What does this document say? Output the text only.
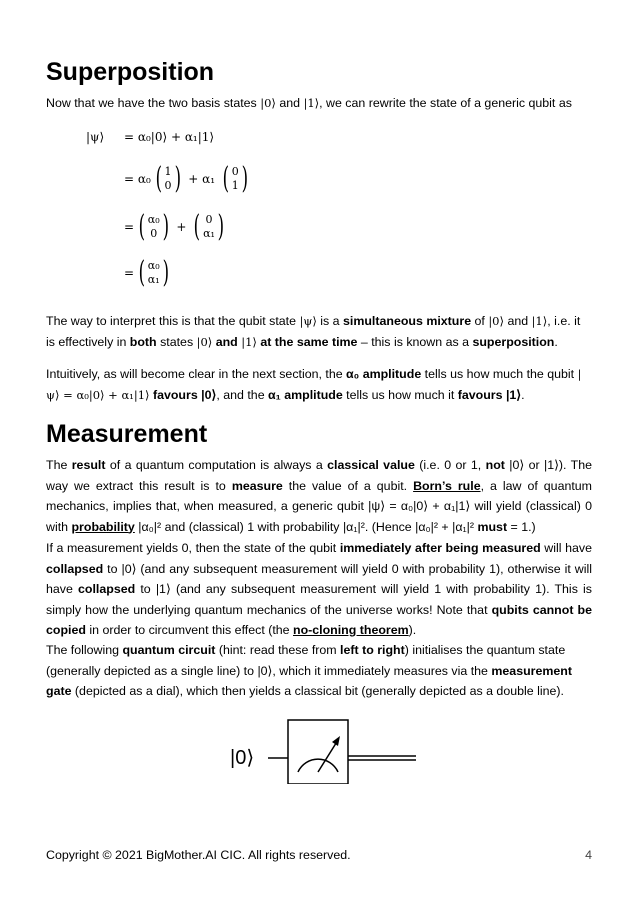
Superposition

Now that we have the two basis states |0⟩ and |1⟩, we can rewrite the state of a generic qubit as

|ψ⟩ = α₀|0⟩ + α₁|1⟩
= α₀ ( 1
0 ) + α₁ ( 0
1 )
= ( α₀
0 ) + ( 0
α₁ )
= ( α₀
α₁ )

The way to interpret this is that the qubit state |ψ⟩ is a simultaneous mixture of |0⟩ and |1⟩, i.e. it is effectively in both states |0⟩ and |1⟩ at the same time – this is known as a superposition.

Intuitively, as will become clear in the next section, the α₀ amplitude tells us how much the qubit |ψ⟩ = α₀|0⟩ + α₁|1⟩ favours |0⟩, and the α₁ amplitude tells us how much it favours |1⟩.

Measurement

The result of a quantum computation is always a classical value (i.e. 0 or 1, not |0⟩ or |1⟩). The way we extract this result is to measure the value of a qubit. Born’s rule, a law of quantum mechanics, implies that, when measured, a generic qubit |ψ⟩ = α₀|0⟩ + α₁|1⟩ will yield (classical) 0 with probability |α₀|² and (classical) 1 with probability |α₁|². (Hence |α₀|² + |α₁|² must = 1.)

If a measurement yields 0, then the state of the qubit immediately after being measured will have collapsed to |0⟩ (and any subsequent measurement will yield 0 with probability 1), otherwise it will have collapsed to |1⟩ (and any subsequent measurement will yield 1 with probability 1). This is simply how the underlying quantum mechanics of the universe works! Note that qubits cannot be copied in order to circumvent this effect (the no-cloning theorem).

The following quantum circuit (hint: read these from left to right) initialises the quantum state (generally depicted as a single line) to |0⟩, which it immediately measures via the measurement gate (depicted as a dial), which then yields a classical bit (generally depicted as a double line).

|0⟩
Copyright © 2021 BigMother.AI CIC. All rights reserved.	4
